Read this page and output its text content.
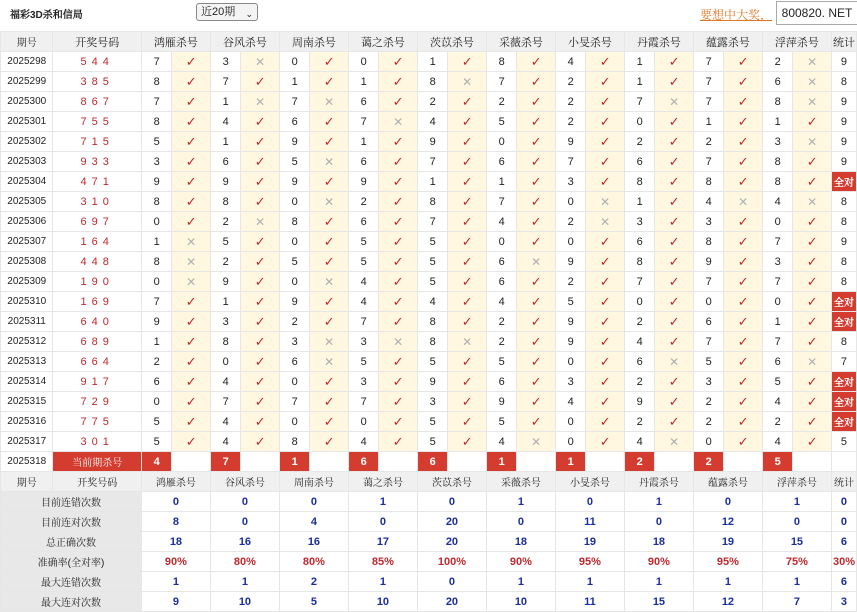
福彩3D杀和信局	近20期 ⌄	要想中大奖， 800820. NET
期号	开奖号码	鸿雁杀号		谷风杀号		周南杀号		蔼之杀号		茨苡杀号		采薇杀号		小旻杀号		丹霞杀号		蕴露杀号		浮萍杀号		统计
2025298	544	7	✓	3	✕	0	✓	0	✓	1	✓	8	✓	4	✓	1	✓	7	✓	2	✕	9
2025299	385	8	✓	7	✓	1	✓	1	✓	8	✕	7	✓	2	✓	1	✓	7	✓	6	✕	8
2025300	867	7	✓	1	✕	7	✕	6	✓	2	✓	2	✓	2	✓	7	✕	7	✓	8	✕	9
2025301	755	8	✓	4	✓	6	✓	7	✕	4	✓	5	✓	2	✓	0	✓	1	✓	1	✓	9
2025302	715	5	✓	1	✓	9	✓	1	✓	9	✓	0	✓	9	✓	2	✓	2	✓	3	✕	9
2025303	933	3	✓	6	✓	5	✕	6	✓	7	✓	6	✓	7	✓	6	✓	7	✓	8	✓	9
2025304	471	9	✓	9	✓	9	✓	9	✓	1	✓	1	✓	3	✓	8	✓	8	✓	8	✓	全对
2025305	310	8	✓	8	✓	0	✕	2	✓	8	✓	7	✓	0	✕	1	✓	4	✕	4	✕	8
2025306	697	0	✓	2	✕	8	✓	6	✓	7	✓	4	✓	2	✕	3	✓	3	✓	0	✓	8
2025307	164	1	✕	5	✓	0	✓	5	✓	5	✓	0	✓	0	✓	6	✓	8	✓	7	✓	9
2025308	448	8	✕	2	✓	5	✓	5	✓	5	✓	6	✕	9	✓	8	✓	9	✓	3	✓	8
2025309	190	0	✕	9	✓	0	✕	4	✓	5	✓	6	✓	2	✓	7	✓	7	✓	7	✓	8
2025310	169	7	✓	1	✓	9	✓	4	✓	4	✓	4	✓	5	✓	0	✓	0	✓	0	✓	全对
2025311	640	9	✓	3	✓	2	✓	7	✓	8	✓	2	✓	9	✓	2	✓	6	✓	1	✓	全对
2025312	689	1	✓	8	✓	3	✕	3	✕	8	✕	2	✓	9	✓	4	✓	7	✓	7	✓	8
2025313	664	2	✓	0	✓	6	✕	5	✓	5	✓	5	✓	0	✓	6	✕	5	✓	6	✕	7
2025314	917	6	✓	4	✓	0	✓	3	✓	9	✓	6	✓	3	✓	2	✓	3	✓	5	✓	全对
2025315	729	0	✓	7	✓	7	✓	7	✓	3	✓	9	✓	4	✓	9	✓	2	✓	4	✓	全对
2025316	775	5	✓	4	✓	0	✓	0	✓	5	✓	5	✓	0	✓	2	✓	2	✓	2	✓	全对
2025317	301	5	✓	4	✓	8	✓	4	✓	5	✓	4	✕	0	✓	4	✕	0	✓	4	✓	5
2025318	当前期杀号	4		7		1		6		6		1		1		2		2		5		
期号	开奖号码	鸿雁杀号		谷风杀号		周南杀号		蔼之杀号		茨苡杀号		采薇杀号		小旻杀号		丹霞杀号		蕴露杀号		浮萍杀号		统计
目前连错次数		0		0		0		1		0		1		0		1		0		1		0
目前连对次数		8		0		4		0		20		0		11		0		12		0		0
总正确次数		18		16		16		17		20		18		19		18		19		15		6
准确率(全对率)		90%		80%		80%		85%		100%		90%		95%		90%		95%		75%		30%
最大连错次数		1		1		2		1		0		1		1		1		1		1		6
最大连对次数		9		10		5		10		20		10		11		15		12		7		3
